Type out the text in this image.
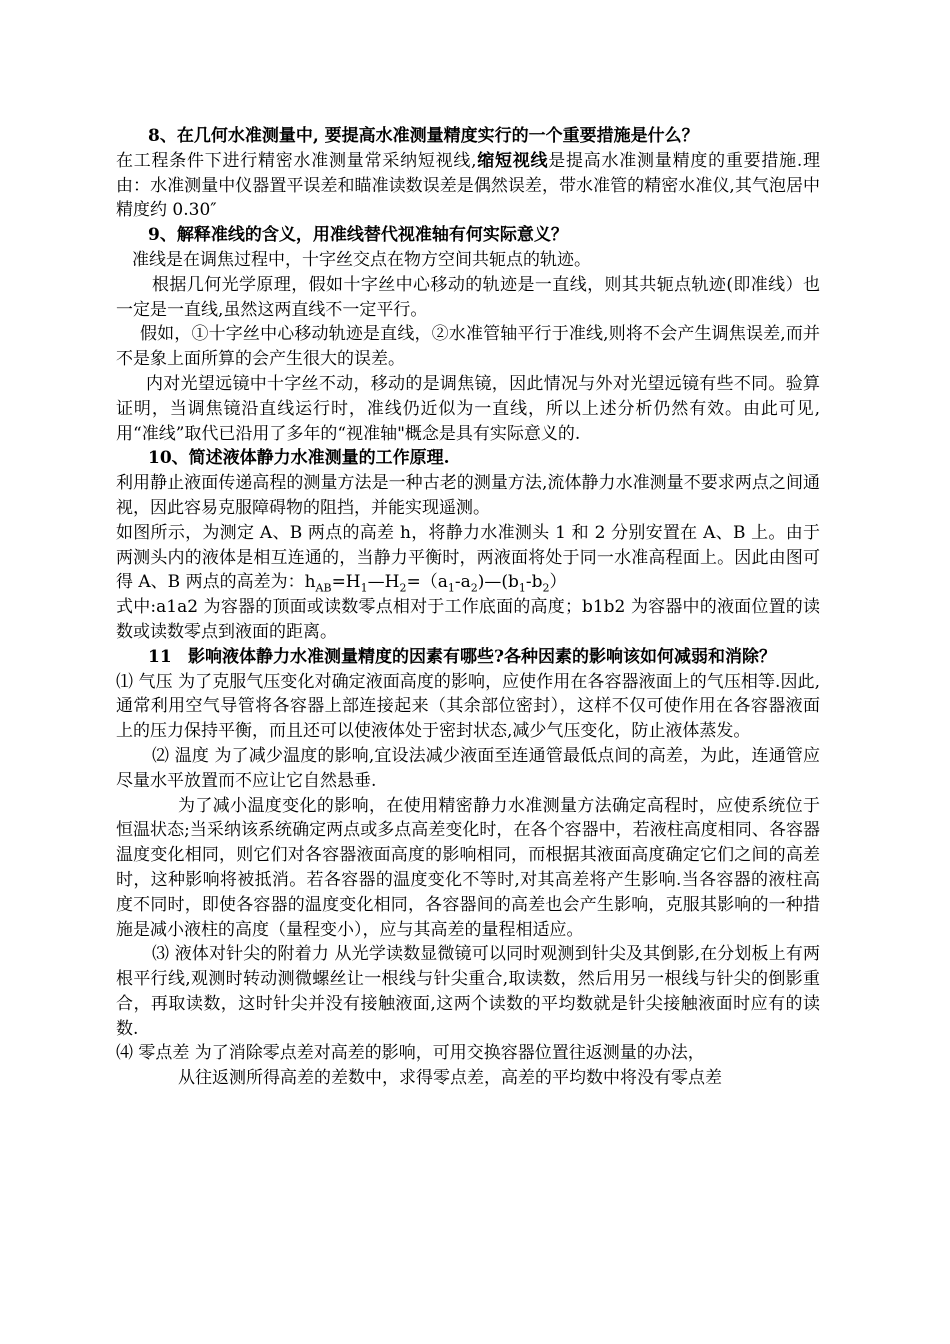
8、在几何水准测量中, 要提高水准测量精度实行的一个重要措施是什么？

在工程条件下进行精密水准测量常采纳短视线,缩短视线是提高水准测量精度的重要措施.理由：水准测量中仪器置平误差和瞄准读数误差是偶然误差，带水准管的精密水准仪,其气泡居中精度约 0.30″

9、解释准线的含义，用准线替代视准轴有何实际意义？

准线是在调焦过程中，十字丝交点在物方空间共轭点的轨迹。

根据几何光学原理，假如十字丝中心移动的轨迹是一直线，则其共轭点轨迹(即准线）也一定是一直线,虽然这两直线不一定平行。

假如，①十字丝中心移动轨迹是直线，②水准管轴平行于准线,则将不会产生调焦误差,而并不是象上面所算的会产生很大的误差。

内对光望远镜中十字丝不动，移动的是调焦镜，因此情况与外对光望远镜有些不同。验算证明，当调焦镜沿直线运行时，准线仍近似为一直线，所以上述分析仍然有效。由此可见,用“准线”取代已沿用了多年的“视准轴"概念是具有实际意义的.

10、简述液体静力水准测量的工作原理.

利用静止液面传递高程的测量方法是一种古老的测量方法,流体静力水准测量不要求两点之间通视，因此容易克服障碍物的阻挡，并能实现遥测。

如图所示，为测定 A、B 两点的高差 h，将静力水准测头 1 和 2 分别安置在 A、B 上。由于两测头内的液体是相互连通的，当静力平衡时，两液面将处于同一水准高程面上。因此由图可得 A、B 两点的高差为：$h_{AB}=H_1—H_2=(a_1-a_2)—(b_1-b_2)$

式中:a1a2 为容器的顶面或读数零点相对于工作底面的高度；b1b2 为容器中的液面位置的读数或读数零点到液面的距离。

11 影响液体静力水准测量精度的因素有哪些?各种因素的影响该如何减弱和消除？

⑴ 气压 为了克服气压变化对确定液面高度的影响，应使作用在各容器液面上的气压相等.因此,通常利用空气导管将各容器上部连接起来（其余部位密封），这样不仅可使作用在各容器液面上的压力保持平衡，而且还可以使液体处于密封状态,减少气压变化，防止液体蒸发。

⑵ 温度 为了减少温度的影响,宜设法减少液面至连通管最低点间的高差，为此，连通管应尽量水平放置而不应让它自然悬垂.

为了减小温度变化的影响，在使用精密静力水准测量方法确定高程时，应使系统位于恒温状态;当采纳该系统确定两点或多点高差变化时，在各个容器中，若液柱高度相同、各容器温度变化相同，则它们对各容器液面高度的影响相同，而根据其液面高度确定它们之间的高差时，这种影响将被抵消。若各容器的温度变化不等时,对其高差将产生影响.当各容器的液柱高度不同时，即使各容器的温度变化相同，各容器间的高差也会产生影响，克服其影响的一种措施是减小液柱的高度（量程变小），应与其高差的量程相适应。

⑶ 液体对针尖的附着力 从光学读数显微镜可以同时观测到针尖及其倒影,在分划板上有两根平行线,观测时转动测微螺丝让一根线与针尖重合,取读数，然后用另一根线与针尖的倒影重合，再取读数，这时针尖并没有接触液面,这两个读数的平均数就是针尖接触液面时应有的读数.

⑷ 零点差 为了消除零点差对高差的影响，可用交换容器位置往返测量的办法，

从往返测所得高差的差数中，求得零点差，高差的平均数中将没有零点差
